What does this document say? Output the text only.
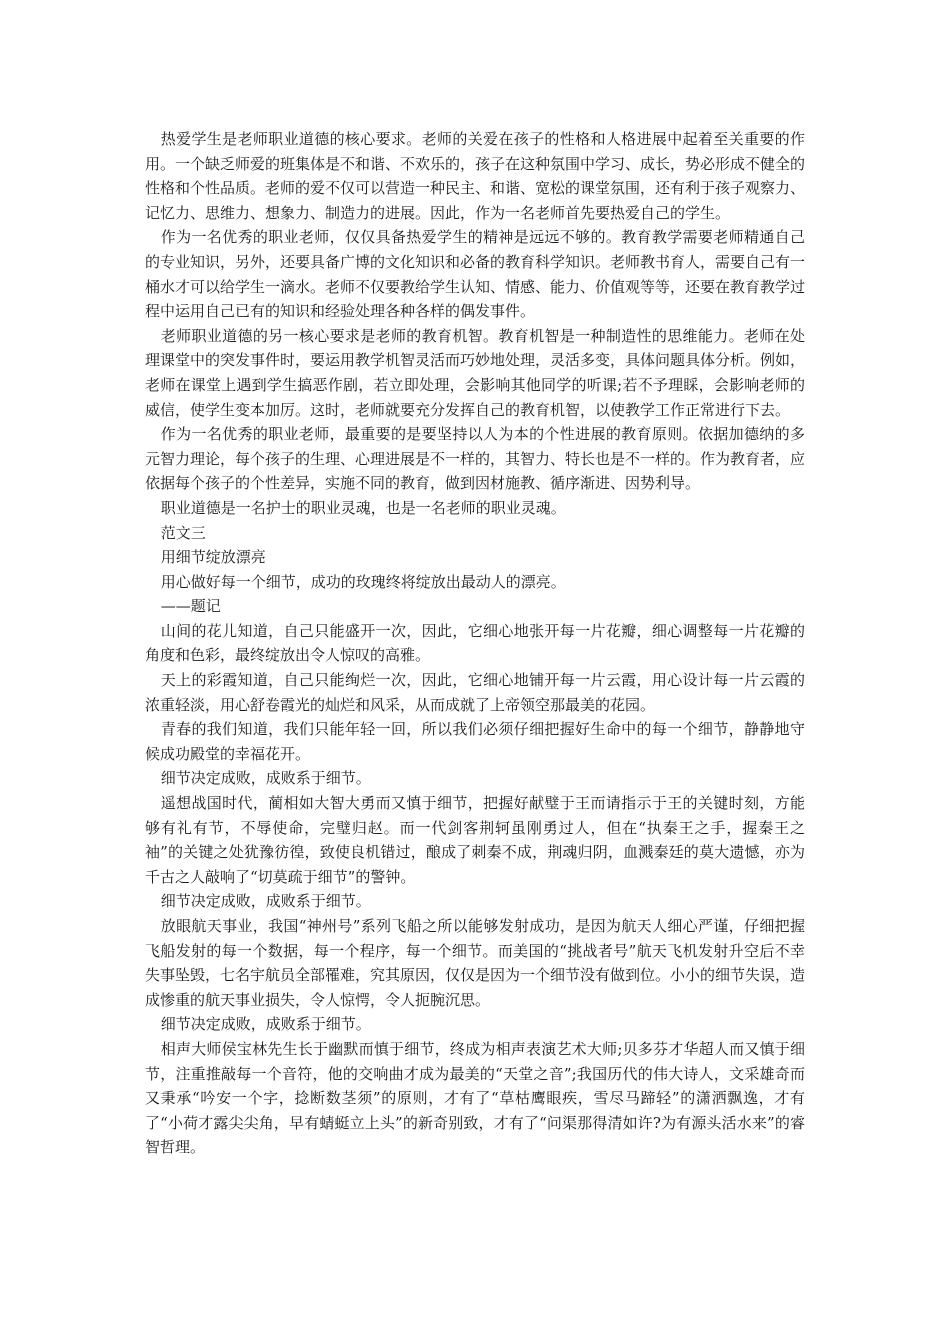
热爱学生是老师职业道德的核心要求。老师的关爱在孩子的性格和人格进展中起着至关重要的作用。一个缺乏师爱的班集体是不和谐、不欢乐的，孩子在这种氛围中学习、成长，势必形成不健全的性格和个性品质。老师的爱不仅可以营造一种民主、和谐、宽松的课堂氛围，还有利于孩子观察力、记忆力、思维力、想象力、制造力的进展。因此，作为一名老师首先要热爱自己的学生。

作为一名优秀的职业老师，仅仅具备热爱学生的精神是远远不够的。教育教学需要老师精通自己的专业知识，另外，还要具备广博的文化知识和必备的教育科学知识。老师教书育人，需要自己有一桶水才可以给学生一滴水。老师不仅要教给学生认知、情感、能力、价值观等等，还要在教育教学过程中运用自己已有的知识和经验处理各种各样的偶发事件。

老师职业道德的另一核心要求是老师的教育机智。教育机智是一种制造性的思维能力。老师在处理课堂中的突发事件时，要运用教学机智灵活而巧妙地处理，灵活多变，具体问题具体分析。例如，老师在课堂上遇到学生搞恶作剧，若立即处理，会影响其他同学的听课;若不予理睬，会影响老师的威信，使学生变本加厉。这时，老师就要充分发挥自己的教育机智，以使教学工作正常进行下去。

作为一名优秀的职业老师，最重要的是要坚持以人为本的个性进展的教育原则。依据加德纳的多元智力理论，每个孩子的生理、心理进展是不一样的，其智力、特长也是不一样的。作为教育者，应依据每个孩子的个性差异，实施不同的教育，做到因材施教、循序渐进、因势利导。

职业道德是一名护士的职业灵魂，也是一名老师的职业灵魂。

范文三

用细节绽放漂亮

用心做好每一个细节，成功的玫瑰终将绽放出最动人的漂亮。

——题记

山间的花儿知道，自己只能盛开一次，因此，它细心地张开每一片花瓣，细心调整每一片花瓣的角度和色彩，最终绽放出令人惊叹的高雅。

天上的彩霞知道，自己只能绚烂一次，因此，它细心地铺开每一片云霞，用心设计每一片云霞的浓重轻淡，用心舒卷霞光的灿烂和风采，从而成就了上帝领空那最美的花园。

青春的我们知道，我们只能年轻一回，所以我们必须仔细把握好生命中的每一个细节，静静地守候成功殿堂的幸福花开。

细节决定成败，成败系于细节。

遥想战国时代，蔺相如大智大勇而又慎于细节，把握好献璧于王而请指示于王的关键时刻，方能够有礼有节，不辱使命，完璧归赵。而一代剑客荆轲虽刚勇过人，但在“执秦王之手，握秦王之袖”的关键之处犹豫彷徨，致使良机错过，酿成了刺秦不成，荆魂归阴，血溅秦廷的莫大遗憾，亦为千古之人敲响了“切莫疏于细节”的警钟。

细节决定成败，成败系于细节。

放眼航天事业，我国“神州号”系列飞船之所以能够发射成功，是因为航天人细心严谨，仔细把握飞船发射的每一个数据，每一个程序，每一个细节。而美国的“挑战者号”航天飞机发射升空后不幸失事坠毁，七名宇航员全部罹难，究其原因，仅仅是因为一个细节没有做到位。小小的细节失误，造成惨重的航天事业损失，令人惊愕，令人扼腕沉思。

细节决定成败，成败系于细节。

相声大师侯宝林先生长于幽默而慎于细节，终成为相声表演艺术大师;贝多芬才华超人而又慎于细节，注重推敲每一个音符，他的交响曲才成为最美的“天堂之音”;我国历代的伟大诗人，文采雄奇而又秉承“吟安一个字，捻断数茎须”的原则，才有了“草枯鹰眼疾，雪尽马蹄轻”的潇洒飘逸，才有了“小荷才露尖尖角，早有蜻蜓立上头”的新奇别致，才有了“问渠那得清如许?为有源头活水来”的睿智哲理。
